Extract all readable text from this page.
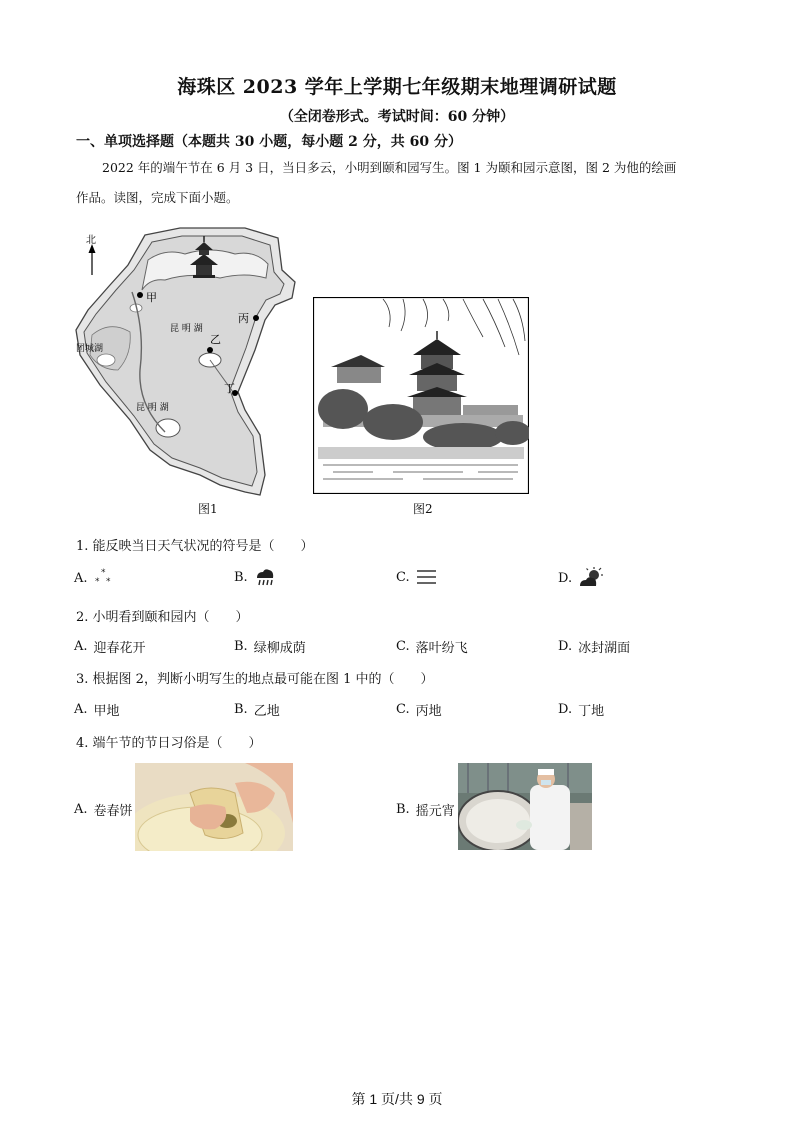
海珠区 2023 学年上学期七年级期末地理调研试题
（全闭卷形式。考试时间：60 分钟）
一、单项选择题（本题共 30 小题，每小题 2 分，共 60 分）
2022 年的端午节在 6 月 3 日，当日多云，小明到颐和园写生。图 1 为颐和园示意图，图 2 为他的绘画
作品。读图，完成下面小题。
北
甲
丙
乙
丁
昆 明 湖
昆 明 湖
团城湖
图1	图2
1. 能反映当日天气状况的符号是（　　）
A. *
* *	B.	C.	D.
2. 小明看到颐和园内（　　）
A. 迎春花开	B. 绿柳成荫	C. 落叶纷飞	D. 冰封湖面
3. 根据图 2，判断小明写生的地点最可能在图 1 中的（　　）
A. 甲地	B. 乙地	C. 丙地	D. 丁地
4. 端午节的节日习俗是（　　）
A. 卷春饼	B. 摇元宵
第 1 页/共 9 页
